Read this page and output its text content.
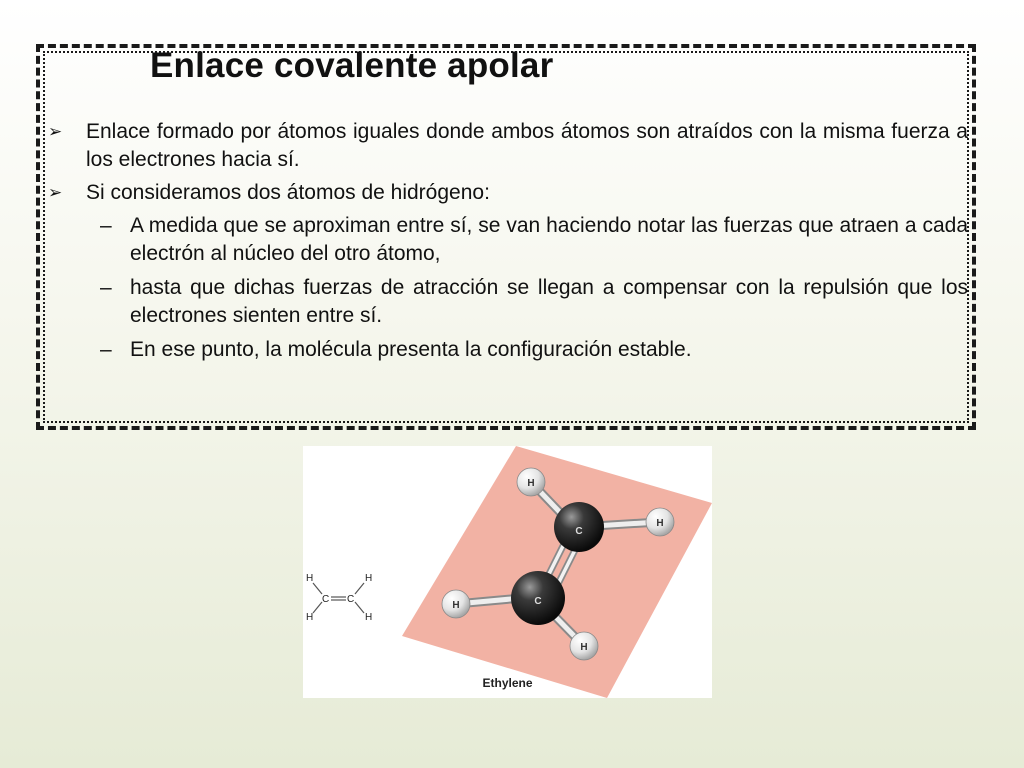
Enlace covalente apolar

➢ Enlace formado por átomos iguales donde ambos átomos son atraídos con la misma fuerza a los electrones hacia sí.

➢ Si consideramos dos átomos de hidrógeno:

– A medida que se aproximan entre sí, se van haciendo notar las fuerzas que atraen a cada electrón al núcleo del otro átomo,

– hasta que dichas fuerzas de atracción se llegan a compensar con la repulsión que los electrones sienten entre sí.

– En ese punto, la molécula presenta la configuración estable.

H
H
C C
H
H
H
H
H
H
C
C
Ethylene
